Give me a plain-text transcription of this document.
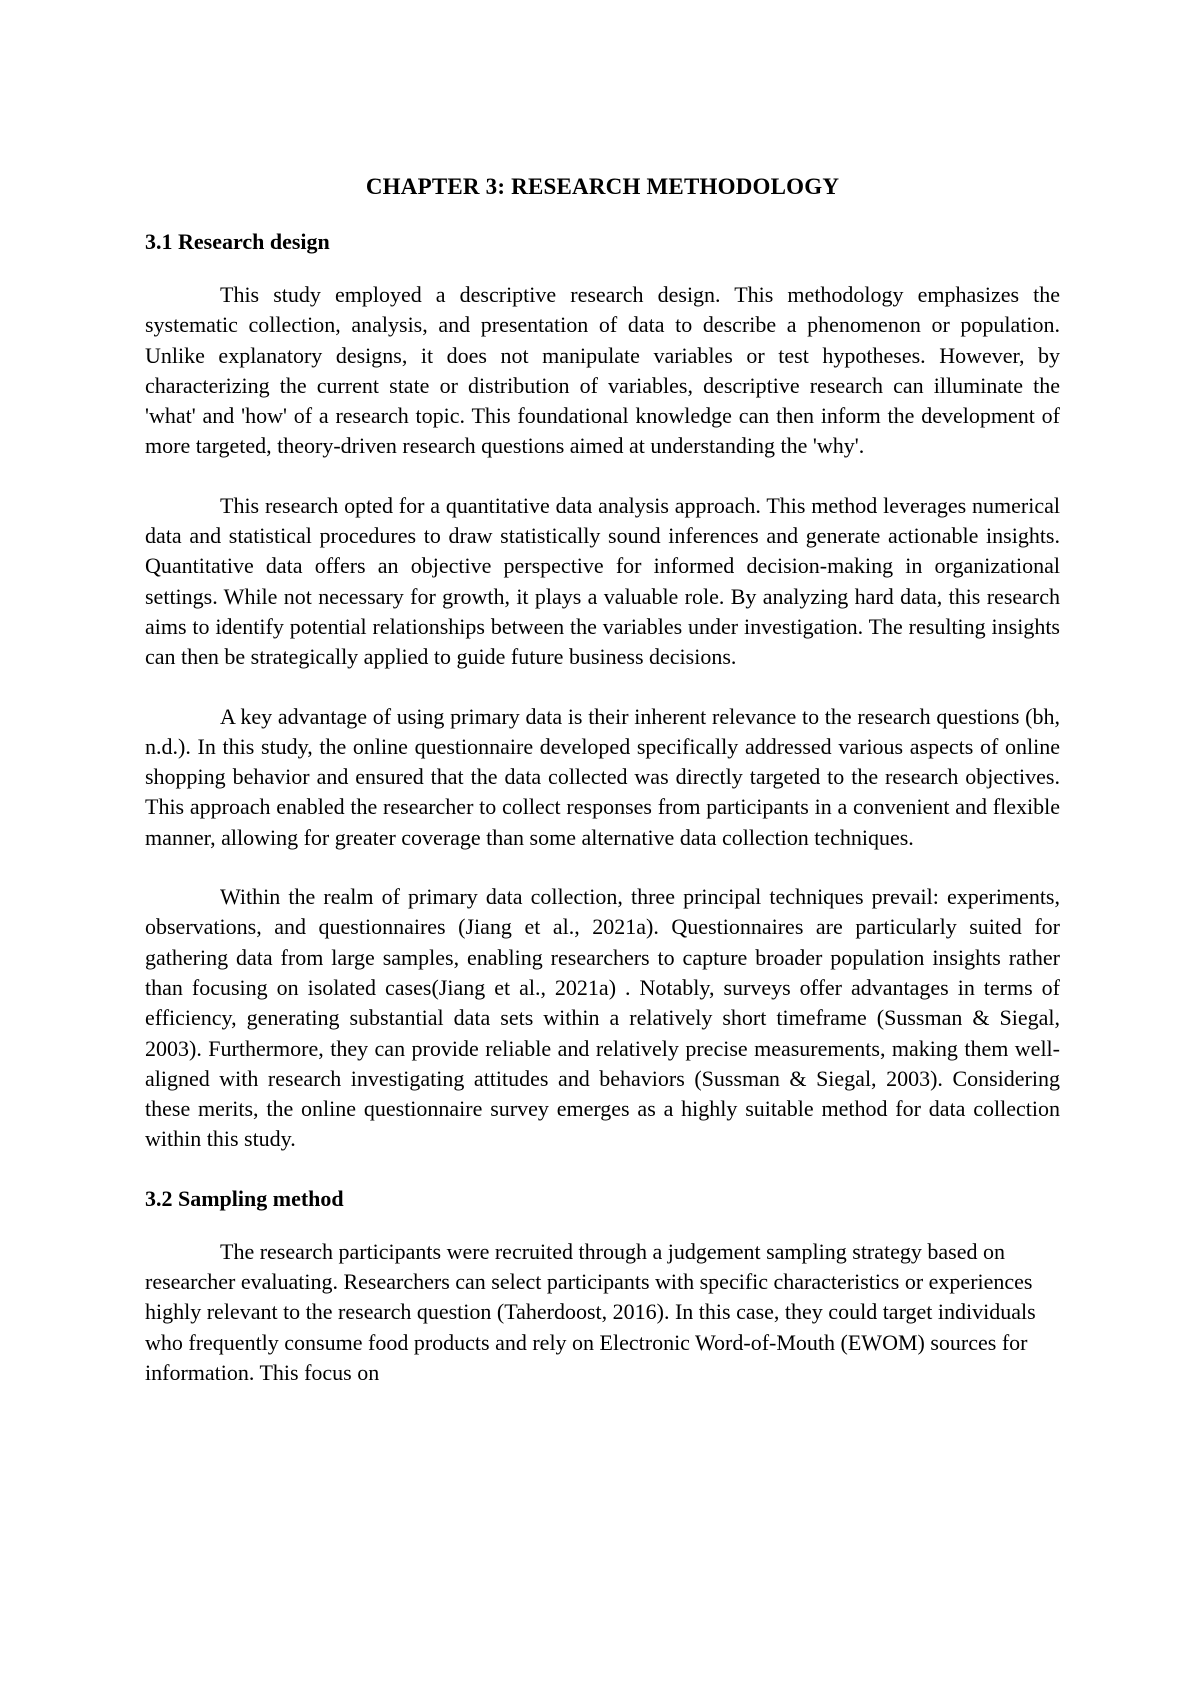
CHAPTER 3: RESEARCH METHODOLOGY
3.1 Research design

This study employed a descriptive research design. This methodology emphasizes the systematic collection, analysis, and presentation of data to describe a phenomenon or population. Unlike explanatory designs, it does not manipulate variables or test hypotheses. However, by characterizing the current state or distribution of variables, descriptive research can illuminate the 'what' and 'how' of a research topic. This foundational knowledge can then inform the development of more targeted, theory-driven research questions aimed at understanding the 'why'.

This research opted for a quantitative data analysis approach. This method leverages numerical data and statistical procedures to draw statistically sound inferences and generate actionable insights. Quantitative data offers an objective perspective for informed decision-making in organizational settings. While not necessary for growth, it plays a valuable role. By analyzing hard data, this research aims to identify potential relationships between the variables under investigation. The resulting insights can then be strategically applied to guide future business decisions.

A key advantage of using primary data is their inherent relevance to the research questions (bh, n.d.). In this study, the online questionnaire developed specifically addressed various aspects of online shopping behavior and ensured that the data collected was directly targeted to the research objectives. This approach enabled the researcher to collect responses from participants in a convenient and flexible manner, allowing for greater coverage than some alternative data collection techniques.

Within the realm of primary data collection, three principal techniques prevail: experiments, observations, and questionnaires (Jiang et al., 2021a). Questionnaires are particularly suited for gathering data from large samples, enabling researchers to capture broader population insights rather than focusing on isolated cases(Jiang et al., 2021a) . Notably, surveys offer advantages in terms of efficiency, generating substantial data sets within a relatively short timeframe (Sussman & Siegal, 2003). Furthermore, they can provide reliable and relatively precise measurements, making them well- aligned with research investigating attitudes and behaviors (Sussman & Siegal, 2003). Considering these merits, the online questionnaire survey emerges as a highly suitable method for data collection within this study.

3.2 Sampling method

The research participants were recruited through a judgement sampling strategy based on researcher evaluating. Researchers can select participants with specific characteristics or experiences highly relevant to the research question (Taherdoost, 2016). In this case, they could target individuals who frequently consume food products and rely on Electronic Word-of-Mouth (EWOM) sources for information. This focus on
